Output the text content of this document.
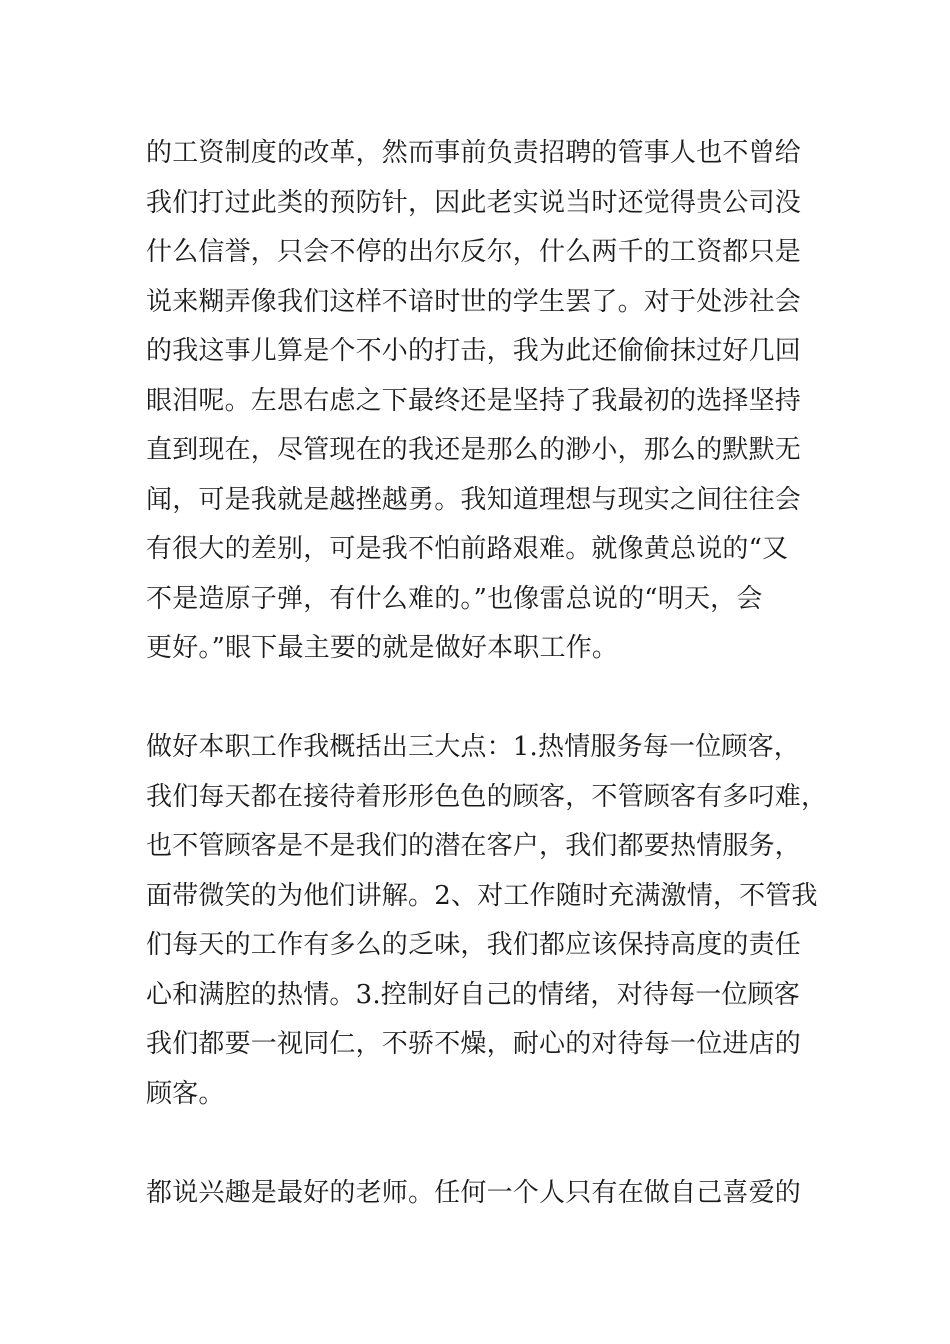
的工资制度的改革，然而事前负责招聘的管事人也不曾给
我们打过此类的预防针，因此老实说当时还觉得贵公司没
什么信誉，只会不停的出尔反尔，什么两千的工资都只是
说来糊弄像我们这样不谙时世的学生罢了。对于处涉社会
的我这事儿算是个不小的打击，我为此还偷偷抹过好几回
眼泪呢。左思右虑之下最终还是坚持了我最初的选择坚持
直到现在，尽管现在的我还是那么的渺小，那么的默默无
闻，可是我就是越挫越勇。我知道理想与现实之间往往会
有很大的差别，可是我不怕前路艰难。就像黄总说的“又
不是造原子弹，有什么难的。”也像雷总说的“明天，会
更好。”眼下最主要的就是做好本职工作。
做好本职工作我概括出三大点：1.热情服务每一位顾客，
我们每天都在接待着形形色色的顾客，不管顾客有多叼难，
也不管顾客是不是我们的潜在客户，我们都要热情服务，
面带微笑的为他们讲解。2、对工作随时充满激情，不管我
们每天的工作有多么的乏味，我们都应该保持高度的责任
心和满腔的热情。3.控制好自己的情绪，对待每一位顾客
我们都要一视同仁，不骄不燥，耐心的对待每一位进店的
顾客。
都说兴趣是最好的老师。任何一个人只有在做自己喜爱的
